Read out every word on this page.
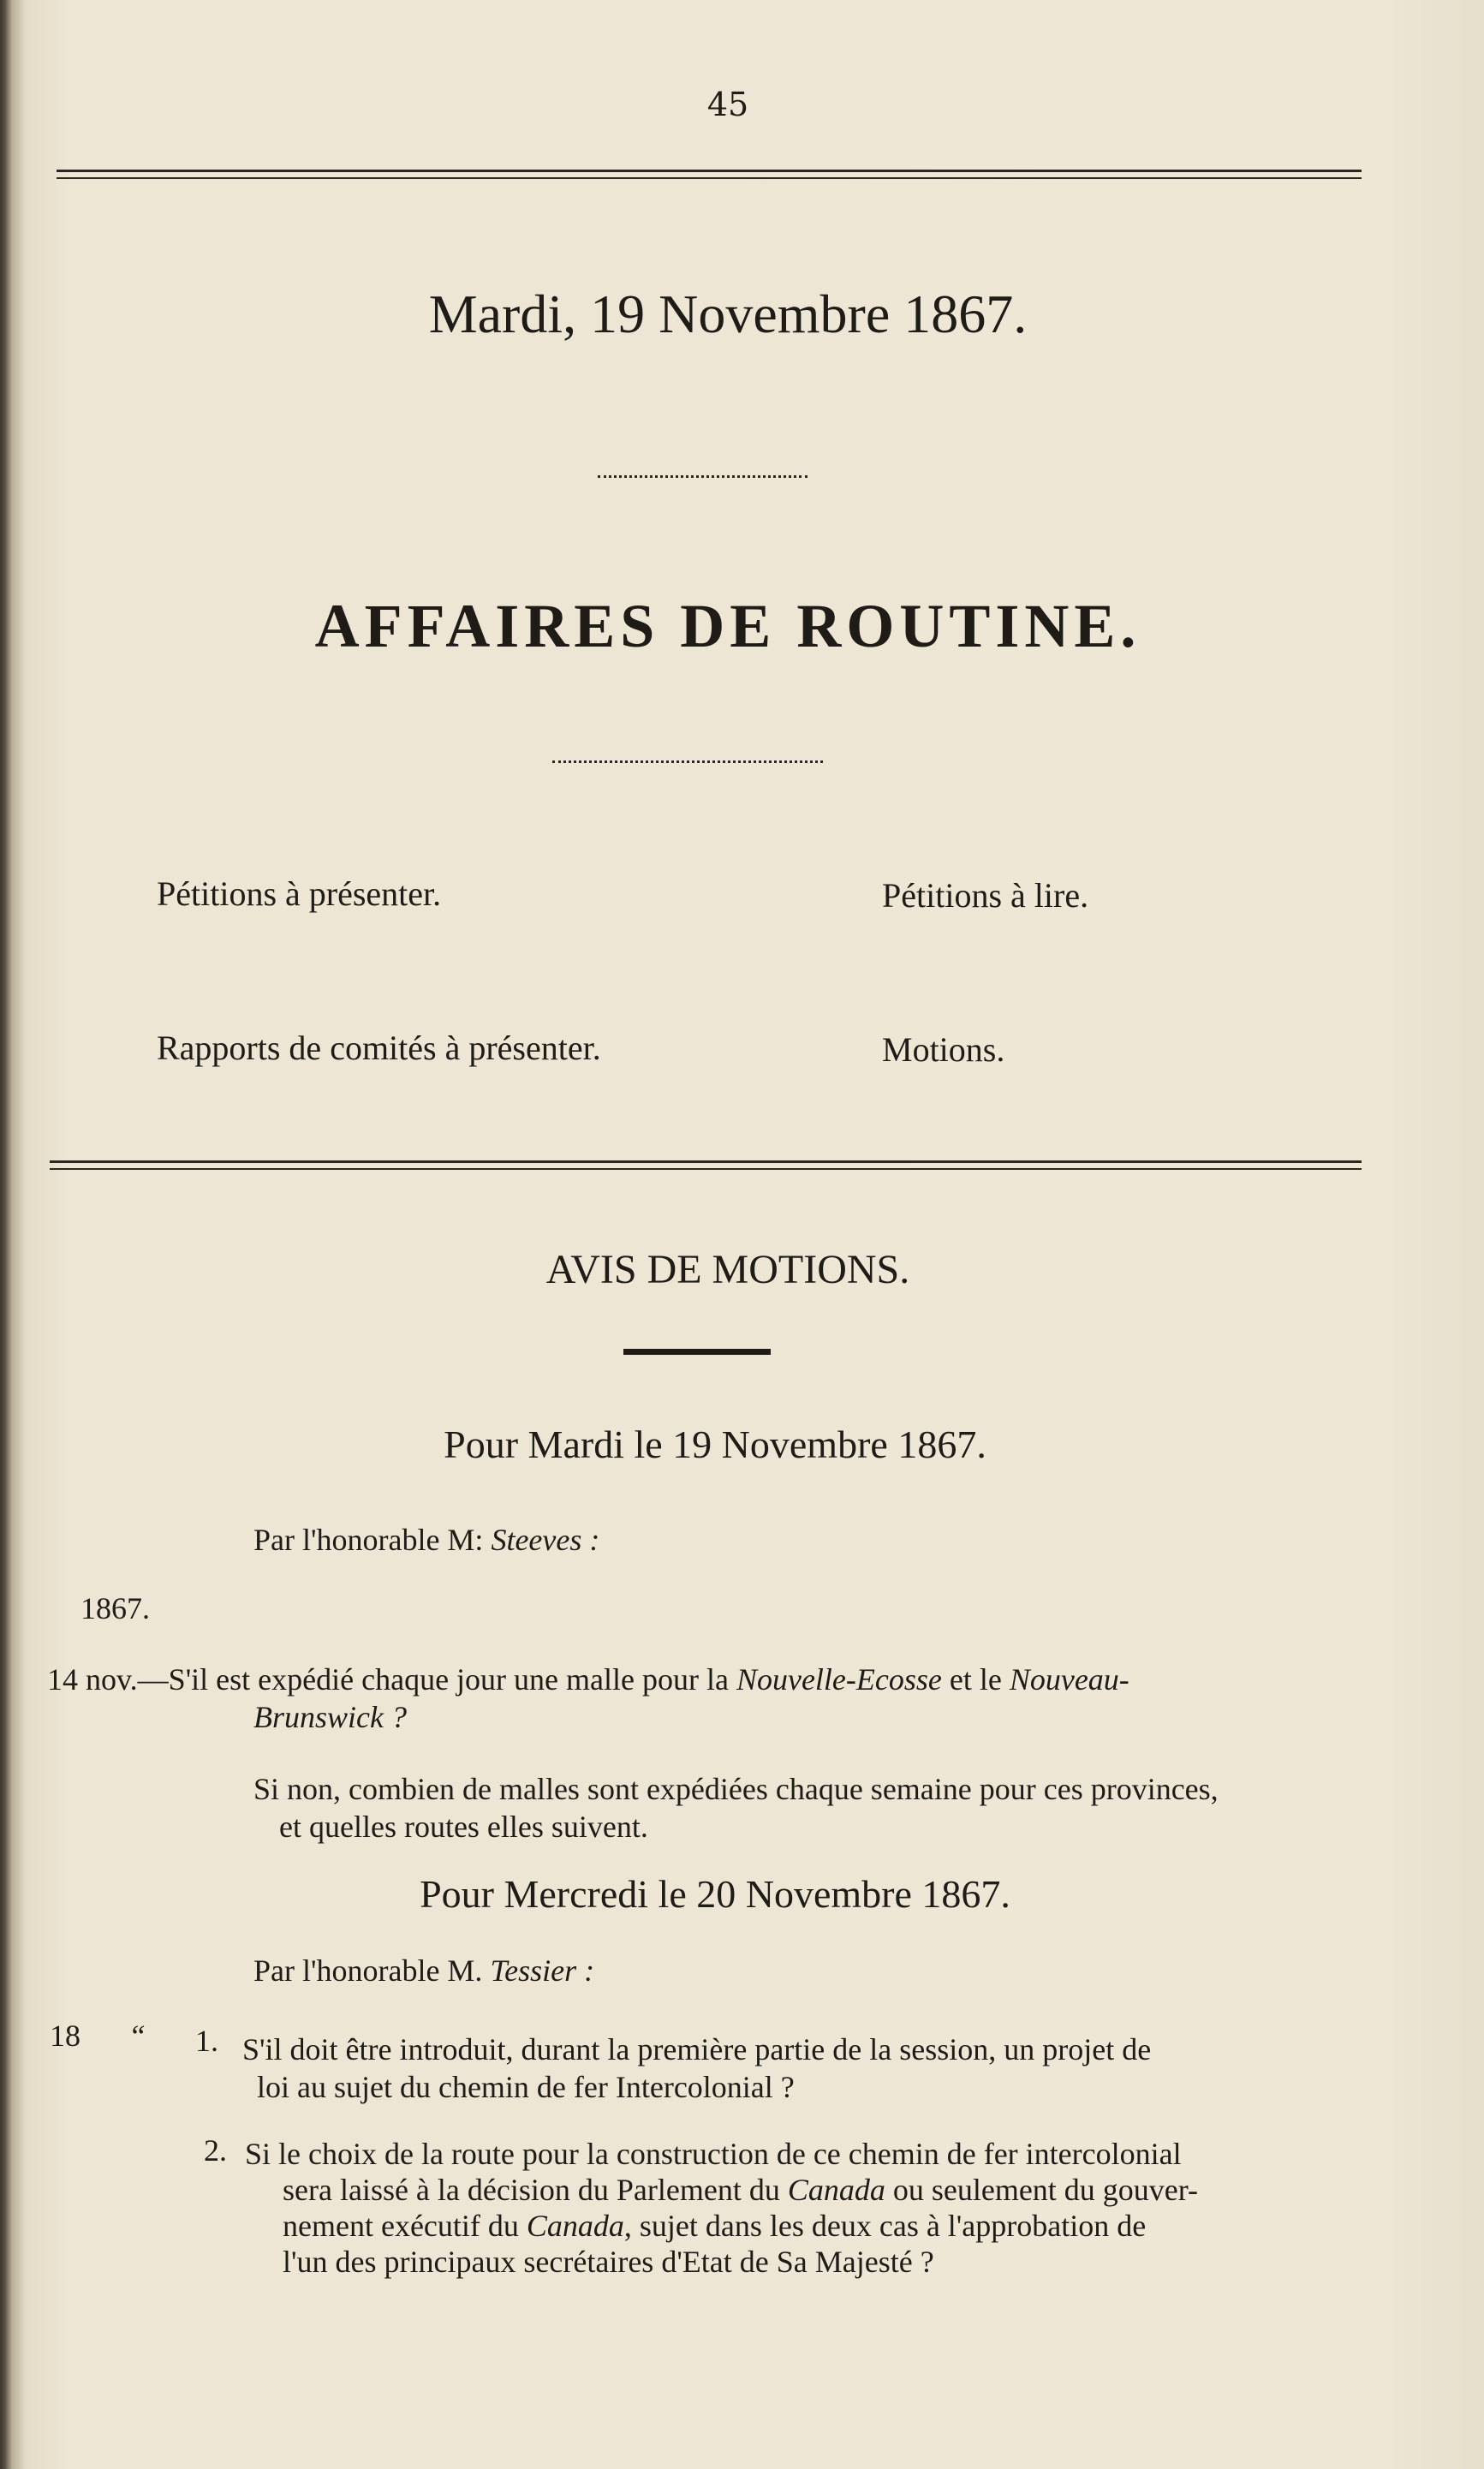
45
Mardi, 19 Novembre 1867.
AFFAIRES DE ROUTINE.
Pétitions à présenter.	Pétitions à lire.
Rapports de comités à présenter.	Motions.
AVIS DE MOTIONS.
Pour Mardi le 19 Novembre 1867.
Par l'honorable M: Steeves :
1867.
14 nov.—S'il est expédié chaque jour une malle pour la Nouvelle-Ecosse et le Nouveau-
Brunswick ?
Si non, combien de malles sont expédiées chaque semaine pour ces provinces,
et quelles routes elles suivent.
Pour Mercredi le 20 Novembre 1867.
Par l'honorable M. Tessier :
18 “ 1. S'il doit être introduit, durant la première partie de la session, un projet de
loi au sujet du chemin de fer Intercolonial ?
2. Si le choix de la route pour la construction de ce chemin de fer intercolonial
sera laissé à la décision du Parlement du Canada ou seulement du gouver-
nement exécutif du Canada, sujet dans les deux cas à l'approbation de
l'un des principaux secrétaires d'Etat de Sa Majesté ?
